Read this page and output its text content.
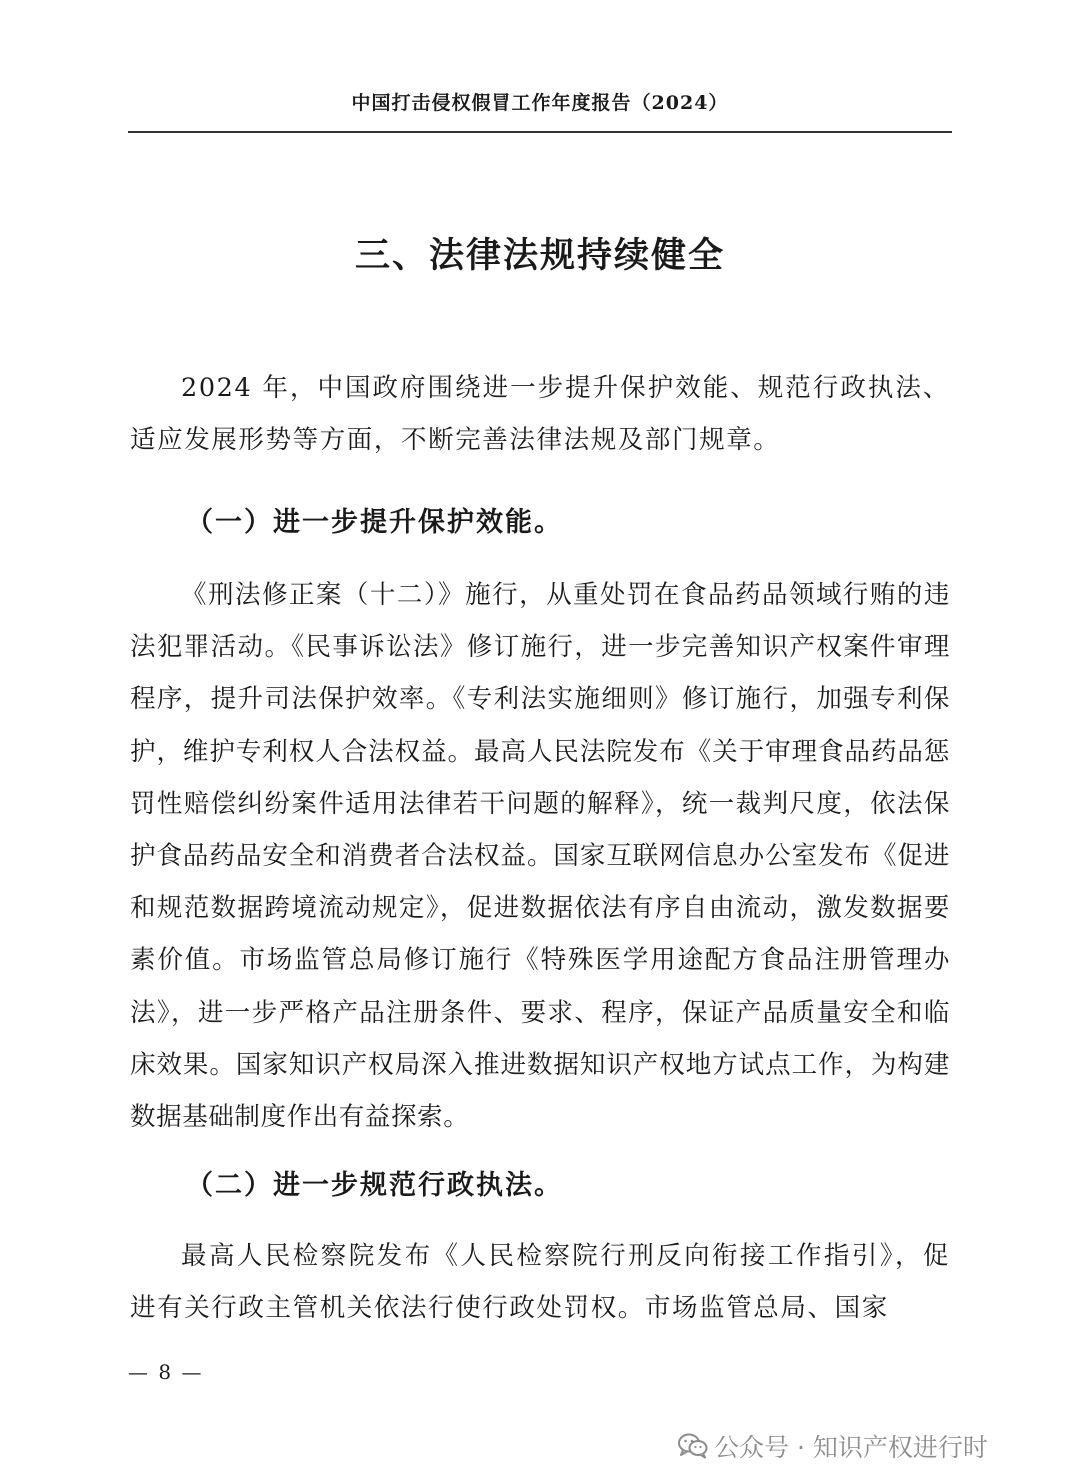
中国打击侵权假冒工作年度报告（2024）
三、法律法规持续健全

2024 年，中国政府围绕进一步提升保护效能、规范行政执法、适应发展形势等方面，不断完善法律法规及部门规章。

（一）进一步提升保护效能。

《刑法修正案（十二）》施行，从重处罚在食品药品领域行贿的违法犯罪活动。《民事诉讼法》修订施行，进一步完善知识产权案件审理程序，提升司法保护效率。《专利法实施细则》修订施行，加强专利保护，维护专利权人合法权益。最高人民法院发布《关于审理食品药品惩罚性赔偿纠纷案件适用法律若干问题的解释》，统一裁判尺度，依法保护食品药品安全和消费者合法权益。国家互联网信息办公室发布《促进和规范数据跨境流动规定》，促进数据依法有序自由流动，激发数据要素价值。市场监管总局修订施行《特殊医学用途配方食品注册管理办法》，进一步严格产品注册条件、要求、程序，保证产品质量安全和临床效果。国家知识产权局深入推进数据知识产权地方试点工作，为构建数据基础制度作出有益探索。

（二）进一步规范行政执法。

最高人民检察院发布《人民检察院行刑反向衔接工作指引》，促进有关行政主管机关依法行使行政处罚权。市场监管总局、国家

— 8 —
公众号 · 知识产权进行时
